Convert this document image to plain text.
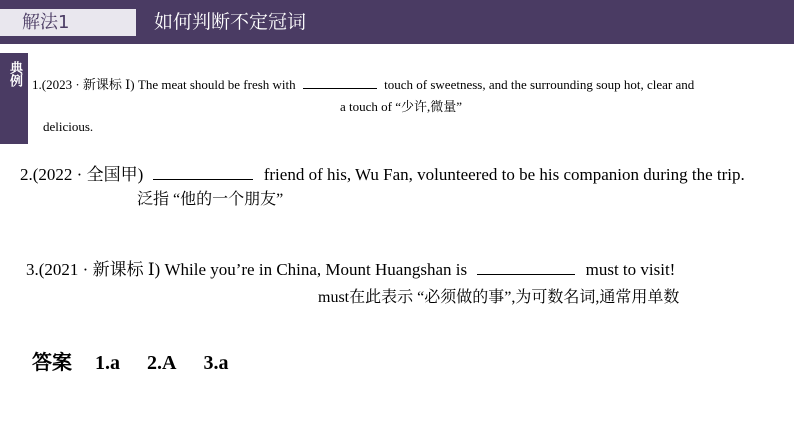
解法1	如何判断不定冠词
典例 1.(2023 · 新课标 Ⅰ) The meat should be fresh with	touch of sweetness, and the surrounding soup hot, clear and
a touch of “少许,微量”
delicious.
2.(2022 · 全国甲)	friend of his, Wu Fan, volunteered to be his companion during the trip.
泛指 “他的一个朋友”
3.(2021 · 新课标 Ⅰ) While you’re in China, Mount Huangshan is	must to visit!
must在此表示 “必须做的事”,为可数名词,通常用单数
答案 1.a 2.A 3.a
